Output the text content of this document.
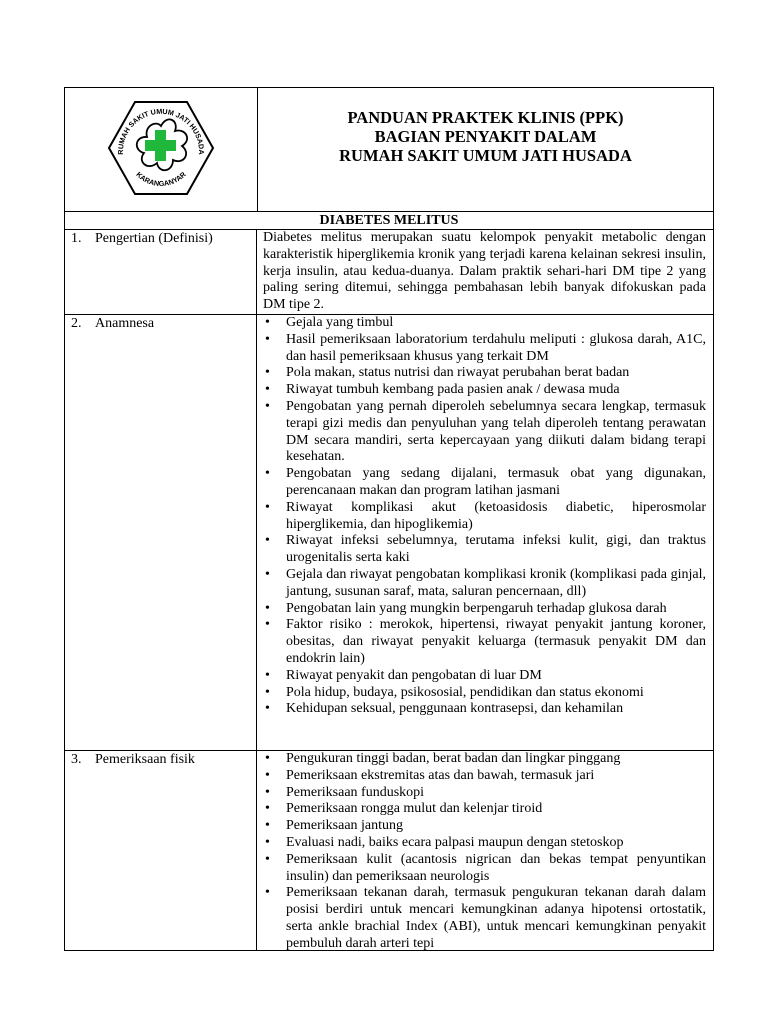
RUMAH SAKIT UMUM JATI HUSADA
KARANGANYAR
PANDUAN PRAKTEK KLINIS (PPK)
BAGIAN PENYAKIT DALAM
RUMAH SAKIT UMUM JATI HUSADA
DIABETES MELITUS
1. Pengertian (Definisi)	Diabetes melitus merupakan suatu kelompok penyakit metabolic dengan karakteristik hiperglikemia kronik yang terjadi karena kelainan sekresi insulin, kerja insulin, atau kedua-duanya. Dalam praktik sehari-hari DM tipe 2 yang paling sering ditemui, sehingga pembahasan lebih banyak difokuskan pada DM tipe 2.

2. Anamnesa	• Gejala yang timbul
• Hasil pemeriksaan laboratorium terdahulu meliputi : glukosa darah, A1C, dan hasil pemeriksaan khusus yang terkait DM
• Pola makan, status nutrisi dan riwayat perubahan berat badan
• Riwayat tumbuh kembang pada pasien anak / dewasa muda
• Pengobatan yang pernah diperoleh sebelumnya secara lengkap, termasuk terapi gizi medis dan penyuluhan yang telah diperoleh tentang perawatan DM secara mandiri, serta kepercayaan yang diikuti dalam bidang terapi kesehatan.
• Pengobatan yang sedang dijalani, termasuk obat yang digunakan, perencanaan makan dan program latihan jasmani
• Riwayat komplikasi akut (ketoasidosis diabetic, hiperosmolar hiperglikemia, dan hipoglikemia)
• Riwayat infeksi sebelumnya, terutama infeksi kulit, gigi, dan traktus urogenitalis serta kaki
• Gejala dan riwayat pengobatan komplikasi kronik (komplikasi pada ginjal, jantung, susunan saraf, mata, saluran pencernaan, dll)
• Pengobatan lain yang mungkin berpengaruh terhadap glukosa darah
• Faktor risiko : merokok, hipertensi, riwayat penyakit jantung koroner, obesitas, dan riwayat penyakit keluarga (termasuk penyakit DM dan endokrin lain)
• Riwayat penyakit dan pengobatan di luar DM
• Pola hidup, budaya, psikososial, pendidikan dan status ekonomi
• Kehidupan seksual, penggunaan kontrasepsi, dan kehamilan
3. Pemeriksaan fisik	• Pengukuran tinggi badan, berat badan dan lingkar pinggang
• Pemeriksaan ekstremitas atas dan bawah, termasuk jari
• Pemeriksaan funduskopi
• Pemeriksaan rongga mulut dan kelenjar tiroid
• Pemeriksaan jantung
• Evaluasi nadi, baiks ecara palpasi maupun dengan stetoskop
• Pemeriksaan kulit (acantosis nigrican dan bekas tempat penyuntikan insulin) dan pemeriksaan neurologis
• Pemeriksaan tekanan darah, termasuk pengukuran tekanan darah dalam posisi berdiri untuk mencari kemungkinan adanya hipotensi ortostatik, serta ankle brachial Index (ABI), untuk mencari kemungkinan penyakit pembuluh darah arteri tepi
